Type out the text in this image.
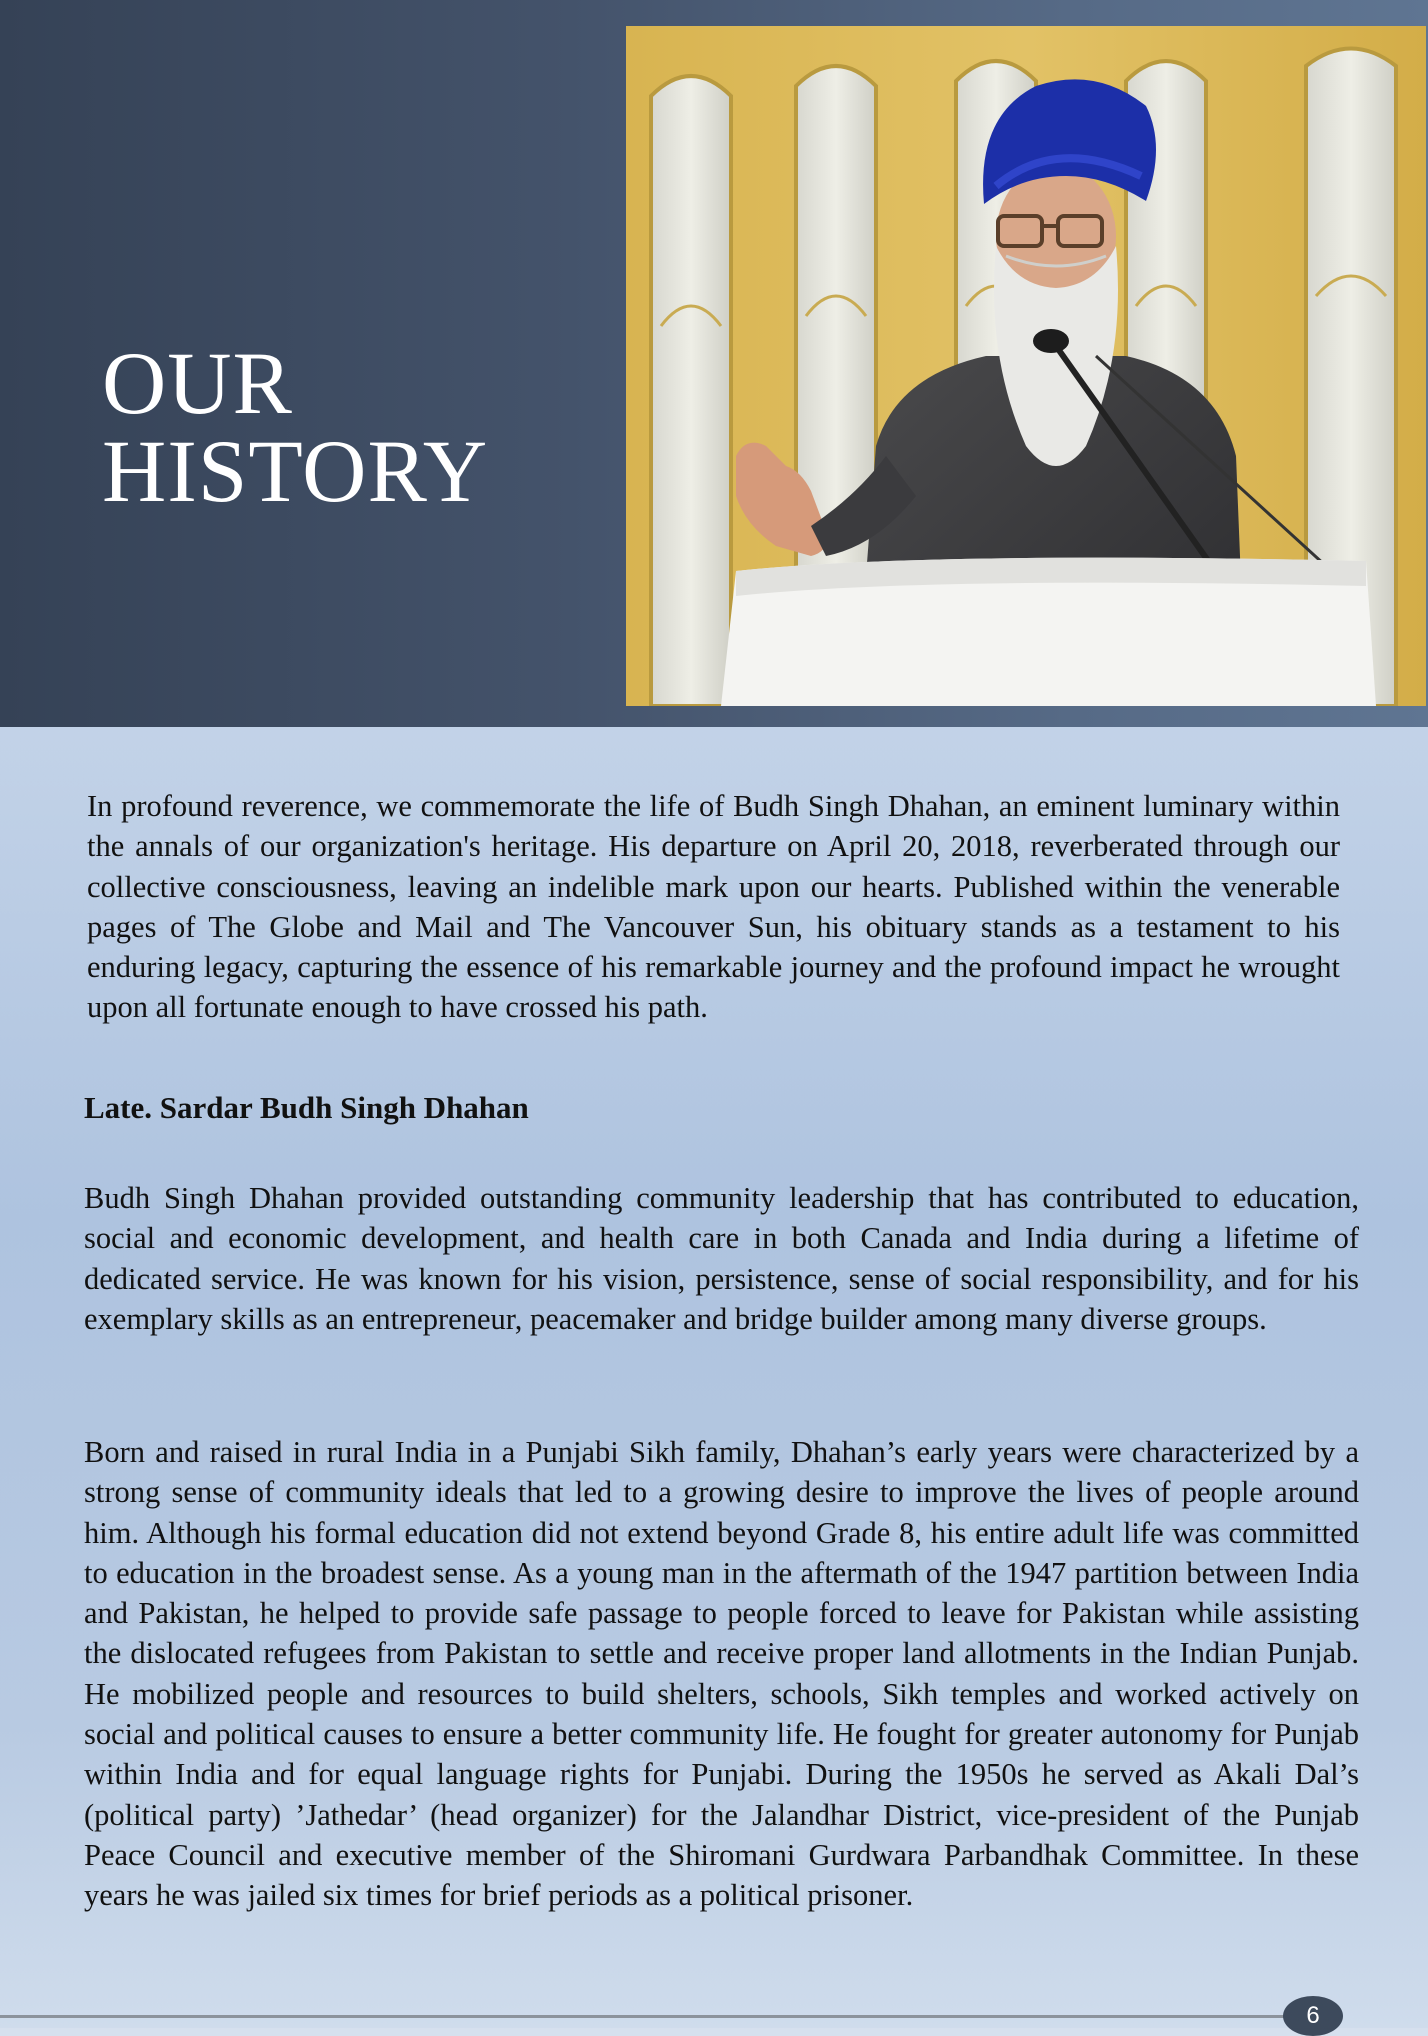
OUR
HISTORY

In profound reverence, we commemorate the life of Budh Singh Dhahan, an eminent luminary within the annals of our organization's heritage. His departure on April 20, 2018, reverberated through our collective consciousness, leaving an indelible mark upon our hearts. Published within the venerable pages of The Globe and Mail and The Vancouver Sun, his obituary stands as a testament to his enduring legacy, capturing the essence of his remarkable journey and the profound impact he wrought upon all fortunate enough to have crossed his path.

Late. Sardar Budh Singh Dhahan

Budh Singh Dhahan provided outstanding community leadership that has contributed to education, social and economic development, and health care in both Canada and India during a lifetime of dedicated service. He was known for his vision, persistence, sense of social responsibility, and for his exemplary skills as an entrepreneur, peacemaker and bridge builder among many diverse groups.

Born and raised in rural India in a Punjabi Sikh family, Dhahan’s early years were characterized by a strong sense of community ideals that led to a growing desire to improve the lives of people around him. Although his formal education did not extend beyond Grade 8, his entire adult life was committed to education in the broadest sense. As a young man in the aftermath of the 1947 partition between India and Pakistan, he helped to provide safe passage to people forced to leave for Pakistan while assisting the dislocated refugees from Pakistan to settle and receive proper land allotments in the Indian Punjab. He mobilized people and resources to build shelters, schools, Sikh temples and worked actively on social and political causes to ensure a better community life. He fought for greater autonomy for Punjab within India and for equal language rights for Punjabi. During the 1950s he served as Akali Dal’s (political party) ’Jathedar’ (head organizer) for the Jalandhar District, vice-president of the Punjab Peace Council and executive member of the Shiromani Gurdwara Parbandhak Committee. In these years he was jailed six times for brief periods as a political prisoner.

6
